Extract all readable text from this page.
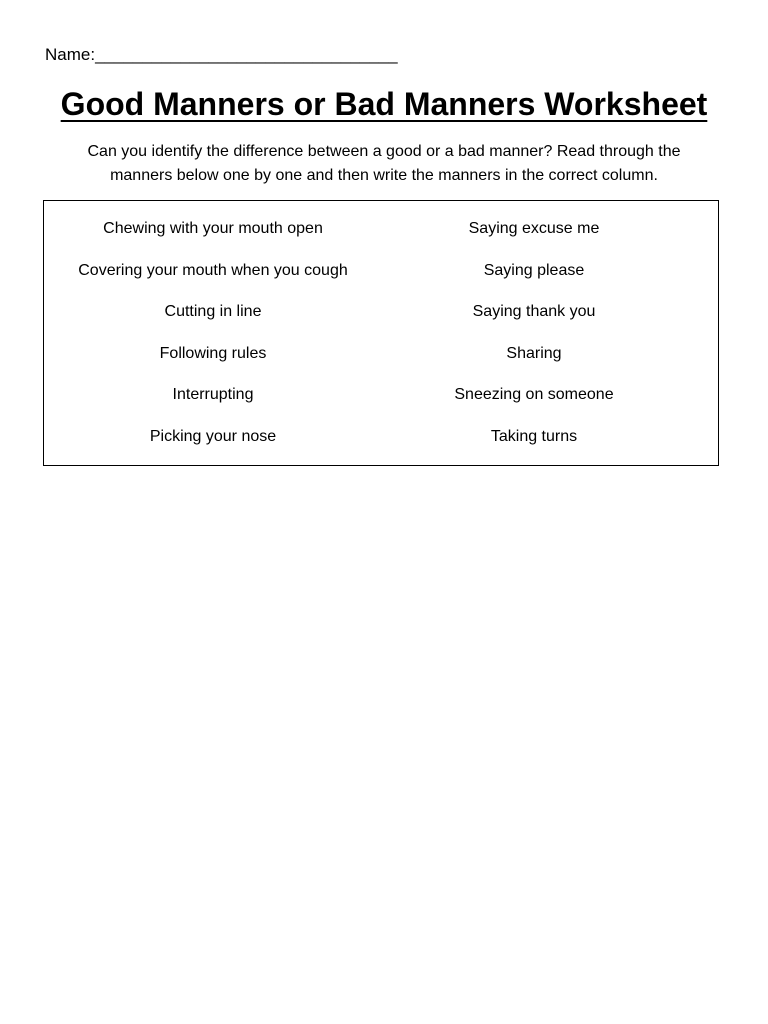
Name:________________________________
Good Manners or Bad Manners Worksheet

Can you identify the difference between a good or a bad manner? Read through the
manners below one by one and then write the manners in the correct column.

Chewing with your mouth open
Covering your mouth when you cough
Cutting in line
Following rules
Interrupting
Picking your nose
Saying excuse me
Saying please
Saying thank you
Sharing
Sneezing on someone
Taking turns
